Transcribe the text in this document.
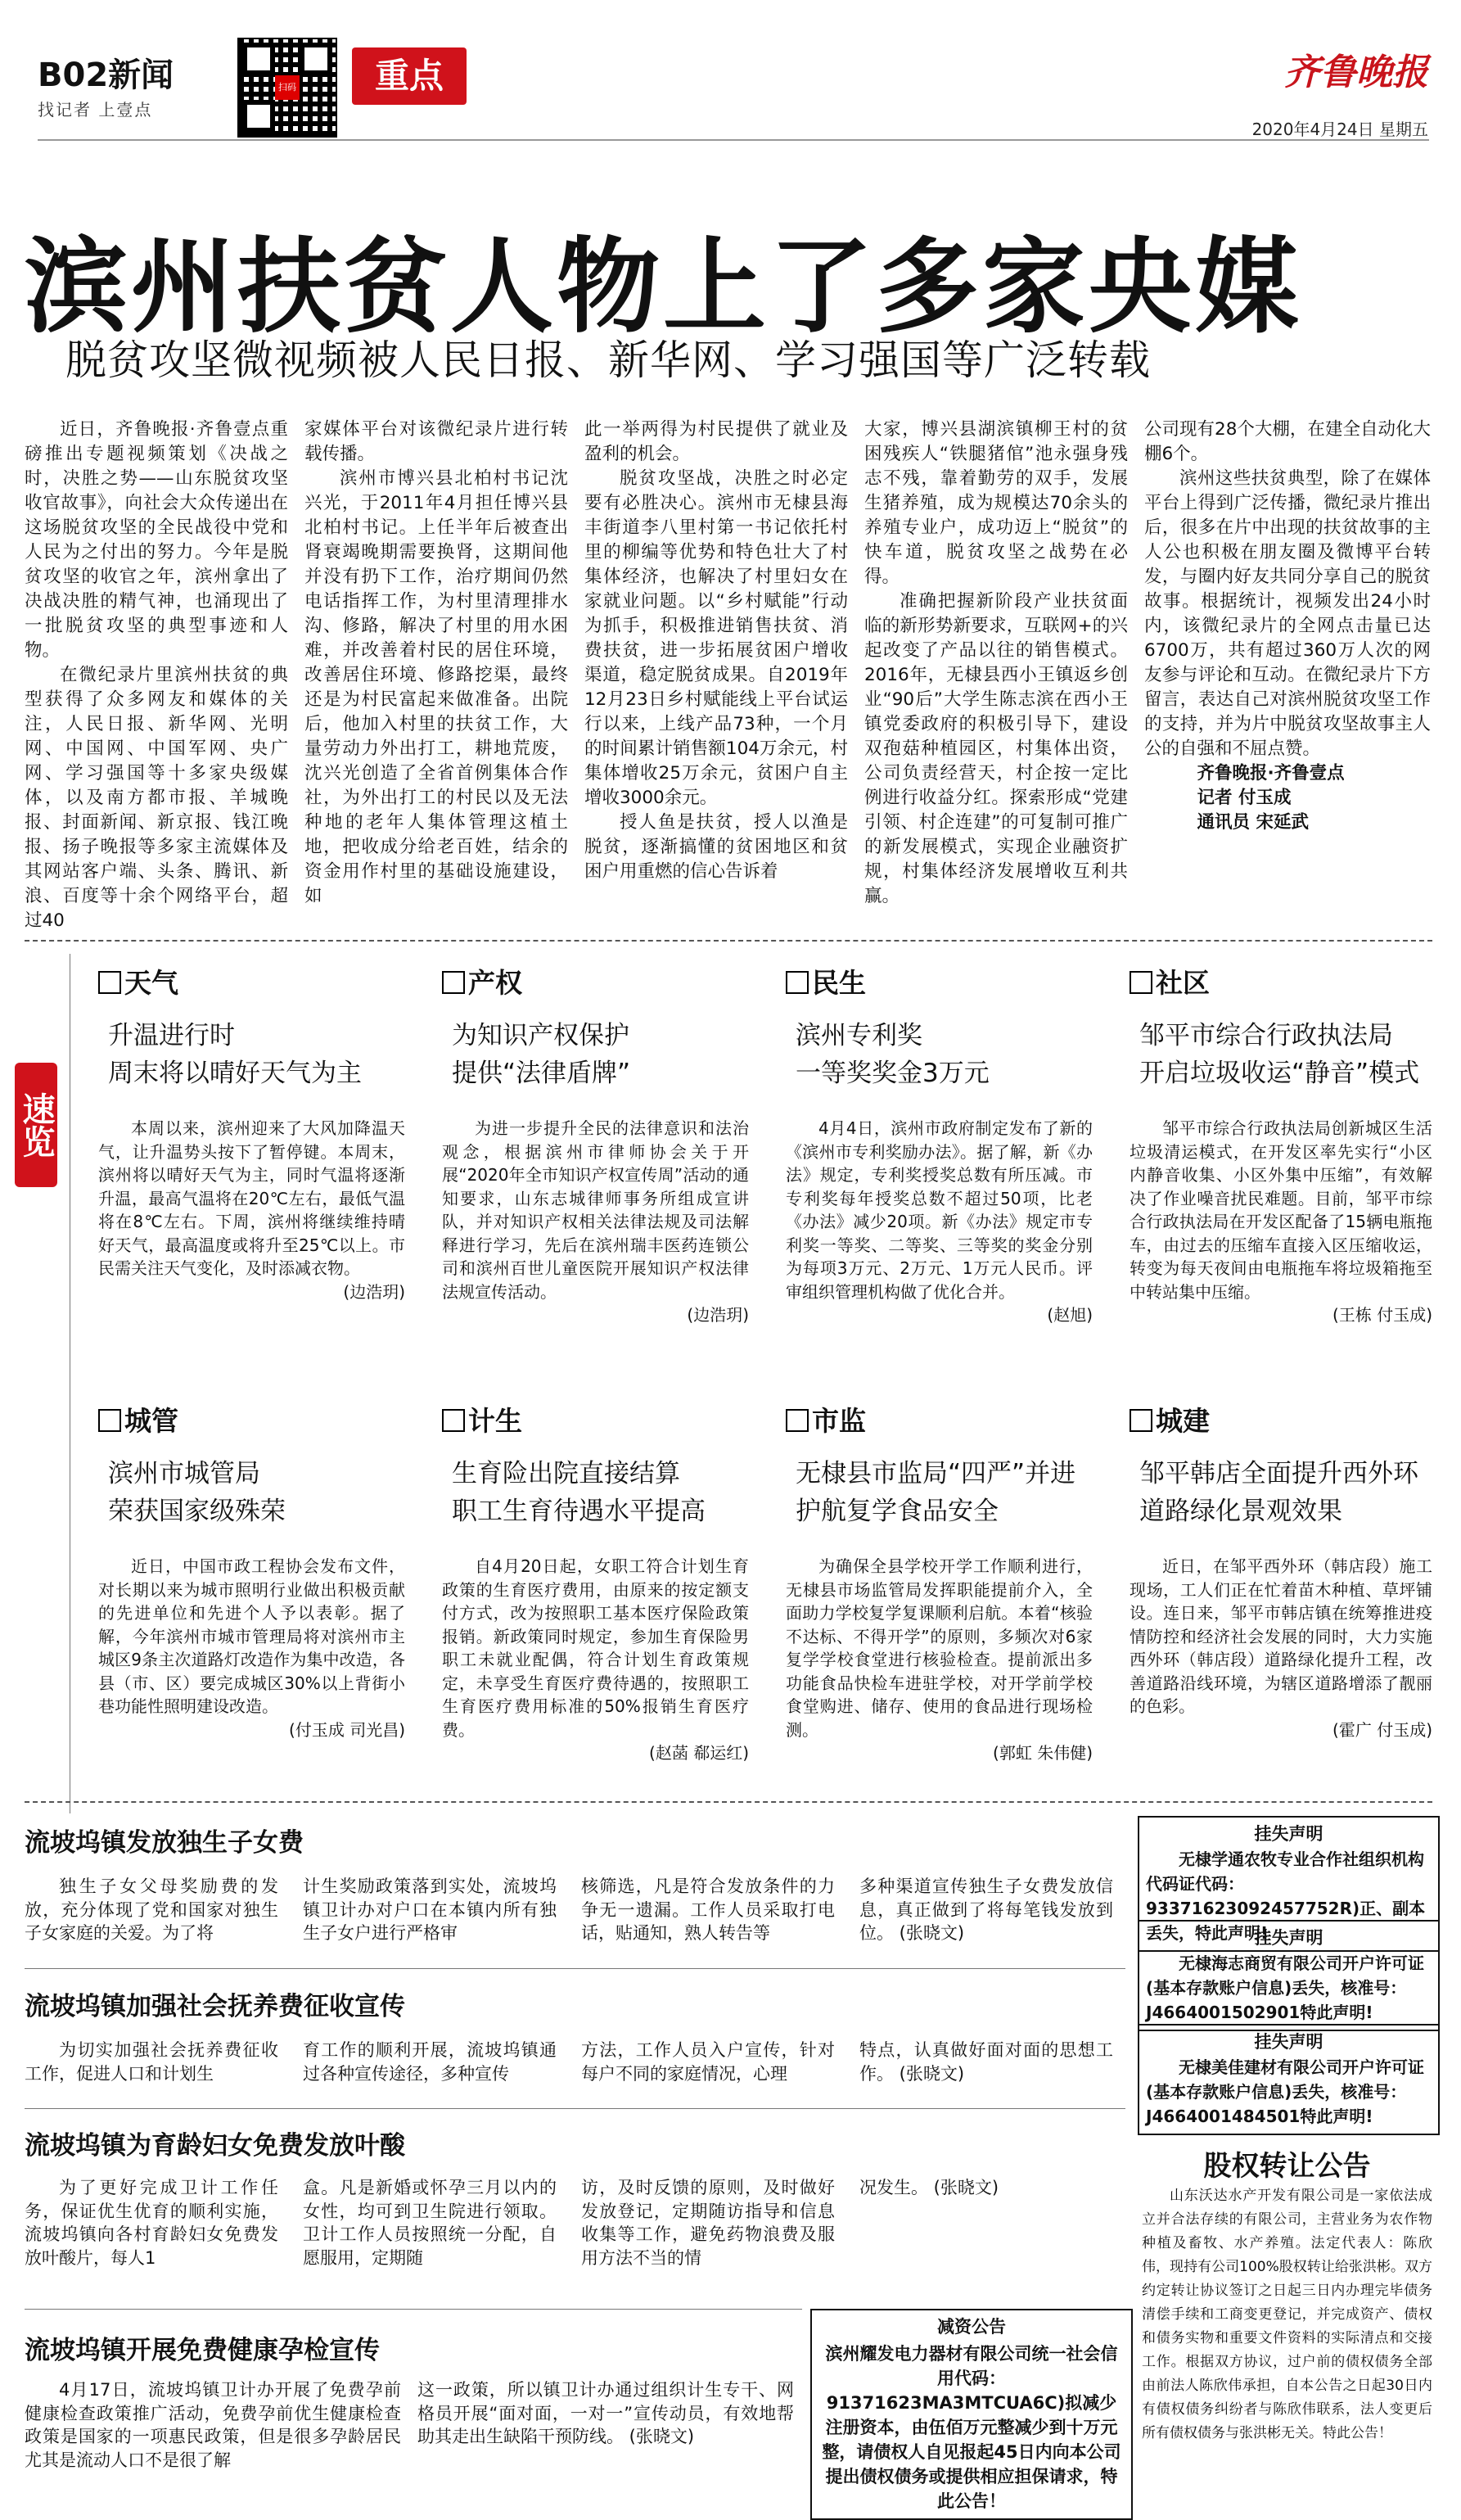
B02新闻
找记者 上壹点
扫码	重点	齐鲁晚报
2020年4月24日 星期五
滨州扶贫人物上了多家央媒
脱贫攻坚微视频被人民日报、新华网、学习强国等广泛转载

近日，齐鲁晚报·齐鲁壹点重磅推出专题视频策划《决战之时，决胜之势——山东脱贫攻坚收官故事》，向社会大众传递出在这场脱贫攻坚的全民战役中党和人民为之付出的努力。今年是脱贫攻坚的收官之年，滨州拿出了决战决胜的精气神，也涌现出了一批脱贫攻坚的典型事迹和人物。

在微纪录片里滨州扶贫的典型获得了众多网友和媒体的关注，人民日报、新华网、光明网、中国网、中国军网、央广网、学习强国等十多家央级媒体，以及南方都市报、羊城晚报、封面新闻、新京报、钱江晚报、扬子晚报等多家主流媒体及其网站客户端、头条、腾讯、新浪、百度等十余个网络平台，超过40

家媒体平台对该微纪录片进行转载传播。

滨州市博兴县北柏村书记沈兴光，于2011年4月担任博兴县北柏村书记。上任半年后被查出肾衰竭晚期需要换肾，这期间他并没有扔下工作，治疗期间仍然电话指挥工作，为村里清理排水沟、修路，解决了村里的用水困难，并改善着村民的居住环境，改善居住环境、修路挖渠，最终还是为村民富起来做准备。出院后，他加入村里的扶贫工作，大量劳动力外出打工，耕地荒废，沈兴光创造了全省首例集体合作社，为外出打工的村民以及无法种地的老年人集体管理这植土地，把收成分给老百姓，结余的资金用作村里的基础设施建设，如

此一举两得为村民提供了就业及盈利的机会。

脱贫攻坚战，决胜之时必定要有必胜决心。滨州市无棣县海丰街道李八里村第一书记依托村里的柳编等优势和特色壮大了村集体经济，也解决了村里妇女在家就业问题。以“乡村赋能”行动为抓手，积极推进销售扶贫、消费扶贫，进一步拓展贫困户增收渠道，稳定脱贫成果。自2019年12月23日乡村赋能线上平台试运行以来，上线产品73种，一个月的时间累计销售额104万余元，村集体增收25万余元，贫困户自主增收3000余元。

授人鱼是扶贫，授人以渔是脱贫，逐渐搞懂的贫困地区和贫困户用重燃的信心告诉着

大家，博兴县湖滨镇柳王村的贫困残疾人“铁腿猪倌”池永强身残志不残，靠着勤劳的双手，发展生猪养殖，成为规模达70余头的养殖专业户，成功迈上“脱贫”的快车道，脱贫攻坚之战势在必得。

准确把握新阶段产业扶贫面临的新形势新要求，互联网+的兴起改变了产品以往的销售模式。2016年，无棣县西小王镇返乡创业“90后”大学生陈志滨在西小王镇党委政府的积极引导下，建设双孢菇种植园区，村集体出资，公司负责经营天，村企按一定比例进行收益分红。探索形成“党建引领、村企连建”的可复制可推广的新发展模式，实现企业融资扩规，村集体经济发展增收互利共赢。

公司现有28个大棚，在建全自动化大棚6个。

滨州这些扶贫典型，除了在媒体平台上得到广泛传播，微纪录片推出后，很多在片中出现的扶贫故事的主人公也积极在朋友圈及微博平台转发，与圈内好友共同分享自己的脱贫故事。根据统计，视频发出24小时内，该微纪录片的全网点击量已达6700万，共有超过360万人次的网友参与评论和互动。在微纪录片下方留言，表达自己对滨州脱贫攻坚工作的支持，并为片中脱贫攻坚故事主人公的自强和不屈点赞。

齐鲁晚报·齐鲁壹点

记者 付玉成

通讯员 宋延武

速览
天气
升温进行时
周末将以晴好天气为主

本周以来，滨州迎来了大风加降温天气，让升温势头按下了暂停键。本周末，滨州将以晴好天气为主，同时气温将逐渐升温，最高气温将在20℃左右，最低气温将在8℃左右。下周，滨州将继续维持晴好天气，最高温度或将升至25℃以上。市民需关注天气变化，及时添减衣物。

(边浩玥)

产权
为知识产权保护
提供“法律盾牌”

为进一步提升全民的法律意识和法治观念，根据滨州市律师协会关于开展“2020年全市知识产权宣传周”活动的通知要求，山东志城律师事务所组成宣讲队，并对知识产权相关法律法规及司法解释进行学习，先后在滨州瑞丰医药连锁公司和滨州百世儿童医院开展知识产权法律法规宣传活动。

(边浩玥)

民生
滨州专利奖
一等奖奖金3万元

4月4日，滨州市政府制定发布了新的《滨州市专利奖励办法》。据了解，新《办法》规定，专利奖授奖总数有所压减。市专利奖每年授奖总数不超过50项，比老《办法》减少20项。新《办法》规定市专利奖一等奖、二等奖、三等奖的奖金分别为每项3万元、2万元、1万元人民币。评审组织管理机构做了优化合并。

(赵旭)

社区
邹平市综合行政执法局
开启垃圾收运“静音”模式

邹平市综合行政执法局创新城区生活垃圾清运模式，在开发区率先实行“小区内静音收集、小区外集中压缩”，有效解决了作业噪音扰民难题。目前，邹平市综合行政执法局在开发区配备了15辆电瓶拖车，由过去的压缩车直接入区压缩收运，转变为每天夜间由电瓶拖车将垃圾箱拖至中转站集中压缩。

(王栋 付玉成)

城管
滨州市城管局
荣获国家级殊荣

近日，中国市政工程协会发布文件，对长期以来为城市照明行业做出积极贡献的先进单位和先进个人予以表彰。据了解，今年滨州市城市管理局将对滨州市主城区9条主次道路灯改造作为集中改造，各县（市、区）要完成城区30%以上背街小巷功能性照明建设改造。

(付玉成 司光昌)

计生
生育险出院直接结算
职工生育待遇水平提高

自4月20日起，女职工符合计划生育政策的生育医疗费用，由原来的按定额支付方式，改为按照职工基本医疗保险政策报销。新政策同时规定，参加生育保险男职工未就业配偶，符合计划生育政策规定，未享受生育医疗费待遇的，按照职工生育医疗费用标准的50%报销生育医疗费。

(赵菡 郗运红)

市监
无棣县市监局“四严”并进
护航复学食品安全

为确保全县学校开学工作顺利进行，无棣县市场监管局发挥职能提前介入，全面助力学校复学复课顺利启航。本着“核验不达标、不得开学”的原则，多频次对6家复学学校食堂进行核验检查。提前派出多功能食品快检车进驻学校，对开学前学校食堂购进、储存、使用的食品进行现场检测。

(郭虹 朱伟健)

城建
邹平韩店全面提升西外环
道路绿化景观效果

近日，在邹平西外环（韩店段）施工现场，工人们正在忙着苗木种植、草坪铺设。连日来，邹平市韩店镇在统筹推进疫情防控和经济社会发展的同时，大力实施西外环（韩店段）道路绿化提升工程，改善道路沿线环境，为辖区道路增添了靓丽的色彩。

(霍广 付玉成)

流坡坞镇发放独生子女费

独生子女父母奖励费的发放，充分体现了党和国家对独生子女家庭的关爱。为了将

计生奖励政策落到实处，流坡坞镇卫计办对户口在本镇内所有独生子女户进行严格审

核筛选，凡是符合发放条件的力争无一遗漏。工作人员采取打电话，贴通知，熟人转告等

多种渠道宣传独生子女费发放信息，真正做到了将每笔钱发放到位。 (张晓文)

流坡坞镇加强社会抚养费征收宣传

为切实加强社会抚养费征收工作，促进人口和计划生

育工作的顺利开展，流坡坞镇通过各种宣传途径，多种宣传

方法，工作人员入户宣传，针对每户不同的家庭情况，心理

特点，认真做好面对面的思想工作。 (张晓文)

流坡坞镇为育龄妇女免费发放叶酸

为了更好完成卫计工作任务，保证优生优育的顺利实施，流坡坞镇向各村育龄妇女免费发放叶酸片，每人1

盒。凡是新婚或怀孕三月以内的女性，均可到卫生院进行领取。卫计工作人员按照统一分配，自愿服用，定期随

访，及时反馈的原则，及时做好发放登记，定期随访指导和信息收集等工作，避免药物浪费及服用方法不当的情

况发生。 (张晓文)

流坡坞镇开展免费健康孕检宣传

4月17日，流坡坞镇卫计办开展了免费孕前健康检查政策推广活动，免费孕前优生健康检查政策是国家的一项惠民政策，但是很多孕龄居民尤其是流动人口不是很了解

这一政策，所以镇卫计办通过组织计生专干、网格员开展“面对面，一对一”宣传动员，有效地帮助其走出生缺陷干预防线。 (张晓文)

挂失声明
无棣学通农牧专业合作社组织机构代码证代码：93371623092457752R)正、副本丢失，特此声明!
挂失声明
无棣海志商贸有限公司开户许可证(基本存款账户信息)丢失，核准号：J4664001502901特此声明!
挂失声明
无棣美佳建材有限公司开户许可证(基本存款账户信息)丢失，核准号：J4664001484501特此声明!
股权转让公告

山东沃达水产开发有限公司是一家依法成立并合法存续的有限公司，主营业务为农作物种植及畜牧、水产养殖。法定代表人：陈欣伟，现持有公司100%股权转让给张洪彬。双方约定转让协议签订之日起三日内办理完毕债务清偿手续和工商变更登记，并完成资产、债权和债务实物和重要文件资料的实际清点和交接工作。根据双方协议，过户前的债权债务全部由前法人陈欣伟承担，自本公告之日起30日内有债权债务纠纷者与陈欣伟联系，法人变更后所有债权债务与张洪彬无关。特此公告！

减资公告
滨州耀发电力器材有限公司统一社会信用代码：91371623MA3MTCUA6C)拟减少注册资本，由伍佰万元整减少到十万元整，请债权人自见报起45日内向本公司提出债权债务或提供相应担保请求，特此公告！
